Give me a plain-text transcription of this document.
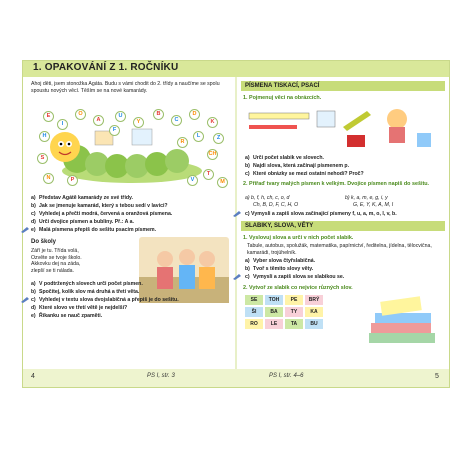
1. OPAKOVÁNÍ Z 1. ROČNÍKU
Ahoj děti, jsem stonožka Agáta. Budu s vámi chodit do 2. třídy a naučíme se spolu spoustu nových věcí. Těším se na nové kamarády.
E
I
O
A
U
Y
B
C
D
K
Z
CH
H
S
N	V
T
R
L
P	M
F
a) Představ Agátě kamarády ze své třídy.
b) Jak se jmenuje kamarád, který s tebou sedí v lavici?
c) Vyhledej a přečti modrá, červená a oranžová písmena.
d) Urči dvojice písmen a bubliny. Př.: A a.
e) Malá písmena přepiš do sešitu psacím písmem.
Do školy
Září je tu. Třída volá,
Ozvěte se tvoje školo.
Akkovku dej na záda,
zlepší se ti nálada.
a) V podtržených slovech urči počet písmen.
b) Spočítej, kolik slov má druhá a třetí věta.
c) Vyhledej v textu slova dvojslabičná a přepiš je do sešitu.
d) Které slovo ve třetí větě je nejdelší?
e) Říkanku se nauč zpaměti.
PÍSMENA TISKACÍ, PSACÍ
1. Pojmenuj věci na obrázcích.
a) Urči počet slabik ve slovech.
b) Najdi slova, která začínají písmenem p.
c) Které obrázky se mezi ostatní nehodí? Proč?
2. Přiřaď tvary malých písmen k velkým. Dvojice písmen napiš do sešitu.
a) b, f, h, ch, c, o, d
Ch, B, D, F, C, H, O
b) k, a, m, e, g, i, y
G, E, Y, K, A, M, I
c) Vymysli a zapiš slova začínající písmeny f, u, a, m, o, l, v, b.
SLABIKY, SLOVA, VĚTY
1. Vyslovuj slova a urči v nich počet slabik.
Tabule, autobus, spolužák, matematika, papírnictví, ředitelna, jídelna, tělocvična, kamarádi, trojúhelník.
a) Vyber slova čtyřslabičná.
b) Tvoř s těmito slovy věty.
c) Vymysli a zapiš slova se slabikou se.
2. Vytvoř ze slabik co nejvíce různých slov.
SE	TOH	PE	BRÝ
ŠI	BA	TY	KA
RO	LE	TA	BU
4	PS I, str. 3	PS I, str. 4–6	5
